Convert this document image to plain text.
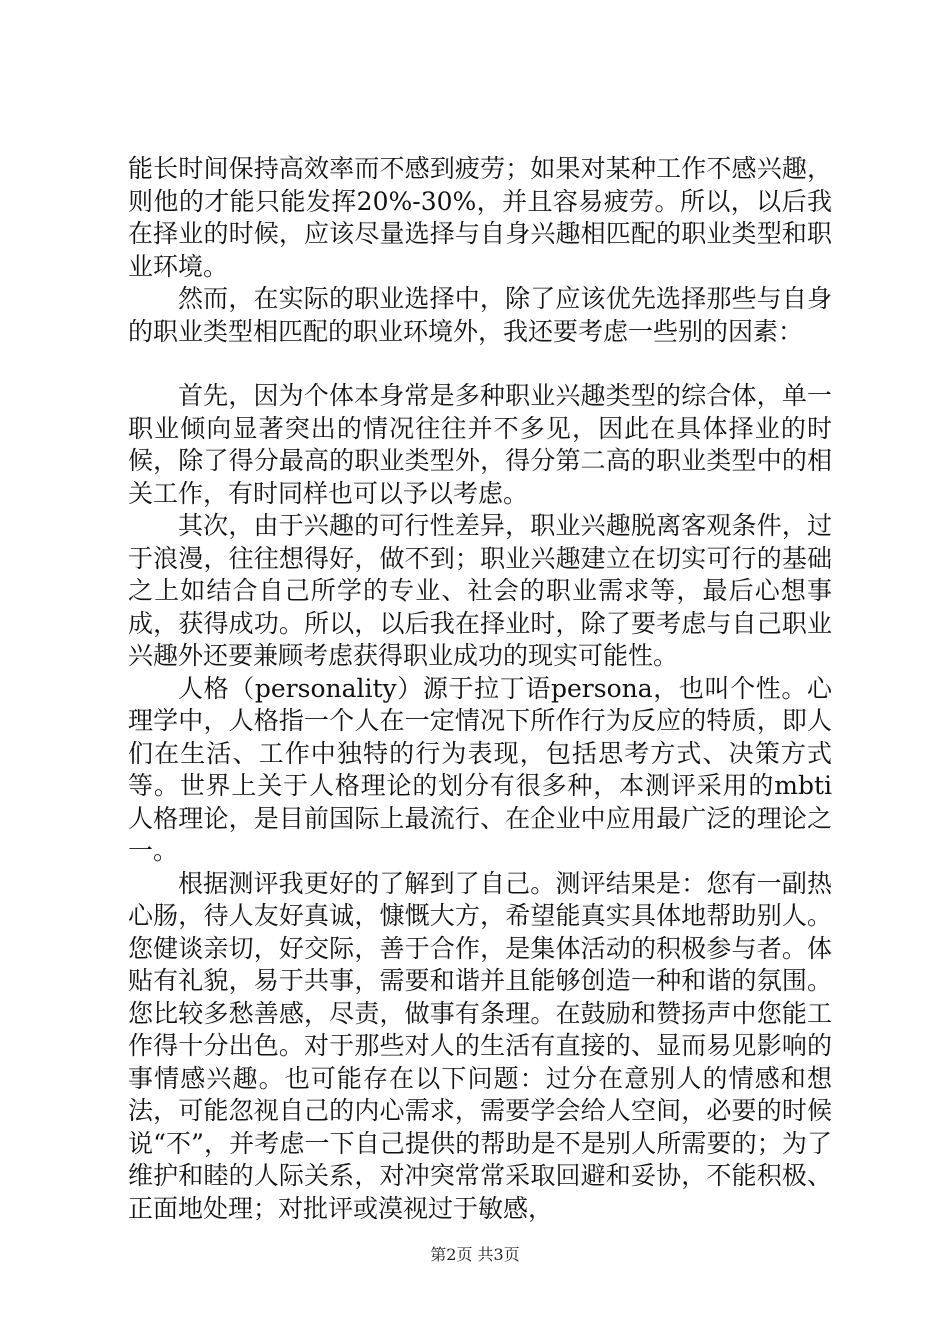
能长时间保持高效率而不感到疲劳；如果对某种工作不感兴趣，则他的才能只能发挥20%-30%，并且容易疲劳。所以，以后我在择业的时候，应该尽量选择与自身兴趣相匹配的职业类型和职业环境。

然而，在实际的职业选择中，除了应该优先选择那些与自身的职业类型相匹配的职业环境外，我还要考虑一些别的因素：

首先，因为个体本身常是多种职业兴趣类型的综合体，单一职业倾向显著突出的情况往往并不多见，因此在具体择业的时候，除了得分最高的职业类型外，得分第二高的职业类型中的相关工作，有时同样也可以予以考虑。

其次，由于兴趣的可行性差异，职业兴趣脱离客观条件，过于浪漫，往往想得好，做不到；职业兴趣建立在切实可行的基础之上如结合自己所学的专业、社会的职业需求等，最后心想事成，获得成功。所以，以后我在择业时，除了要考虑与自己职业兴趣外还要兼顾考虑获得职业成功的现实可能性。

人格（personality）源于拉丁语persona，也叫个性。心理学中，人格指一个人在一定情况下所作行为反应的特质，即人们在生活、工作中独特的行为表现，包括思考方式、决策方式等。世界上关于人格理论的划分有很多种，本测评采用的mbti人格理论，是目前国际上最流行、在企业中应用最广泛的理论之一。

根据测评我更好的了解到了自己。测评结果是：您有一副热心肠，待人友好真诚，慷慨大方，希望能真实具体地帮助别人。您健谈亲切，好交际，善于合作，是集体活动的积极参与者。体贴有礼貌，易于共事，需要和谐并且能够创造一种和谐的氛围。您比较多愁善感，尽责，做事有条理。在鼓励和赞扬声中您能工作得十分出色。对于那些对人的生活有直接的、显而易见影响的事情感兴趣。也可能存在以下问题：过分在意别人的情感和想法，可能忽视自己的内心需求，需要学会给人空间，必要的时候说“不”，并考虑一下自己提供的帮助是不是别人所需要的；为了维护和睦的人际关系，对冲突常常采取回避和妥协，不能积极、正面地处理；对批评或漠视过于敏感，

第2页 共3页
